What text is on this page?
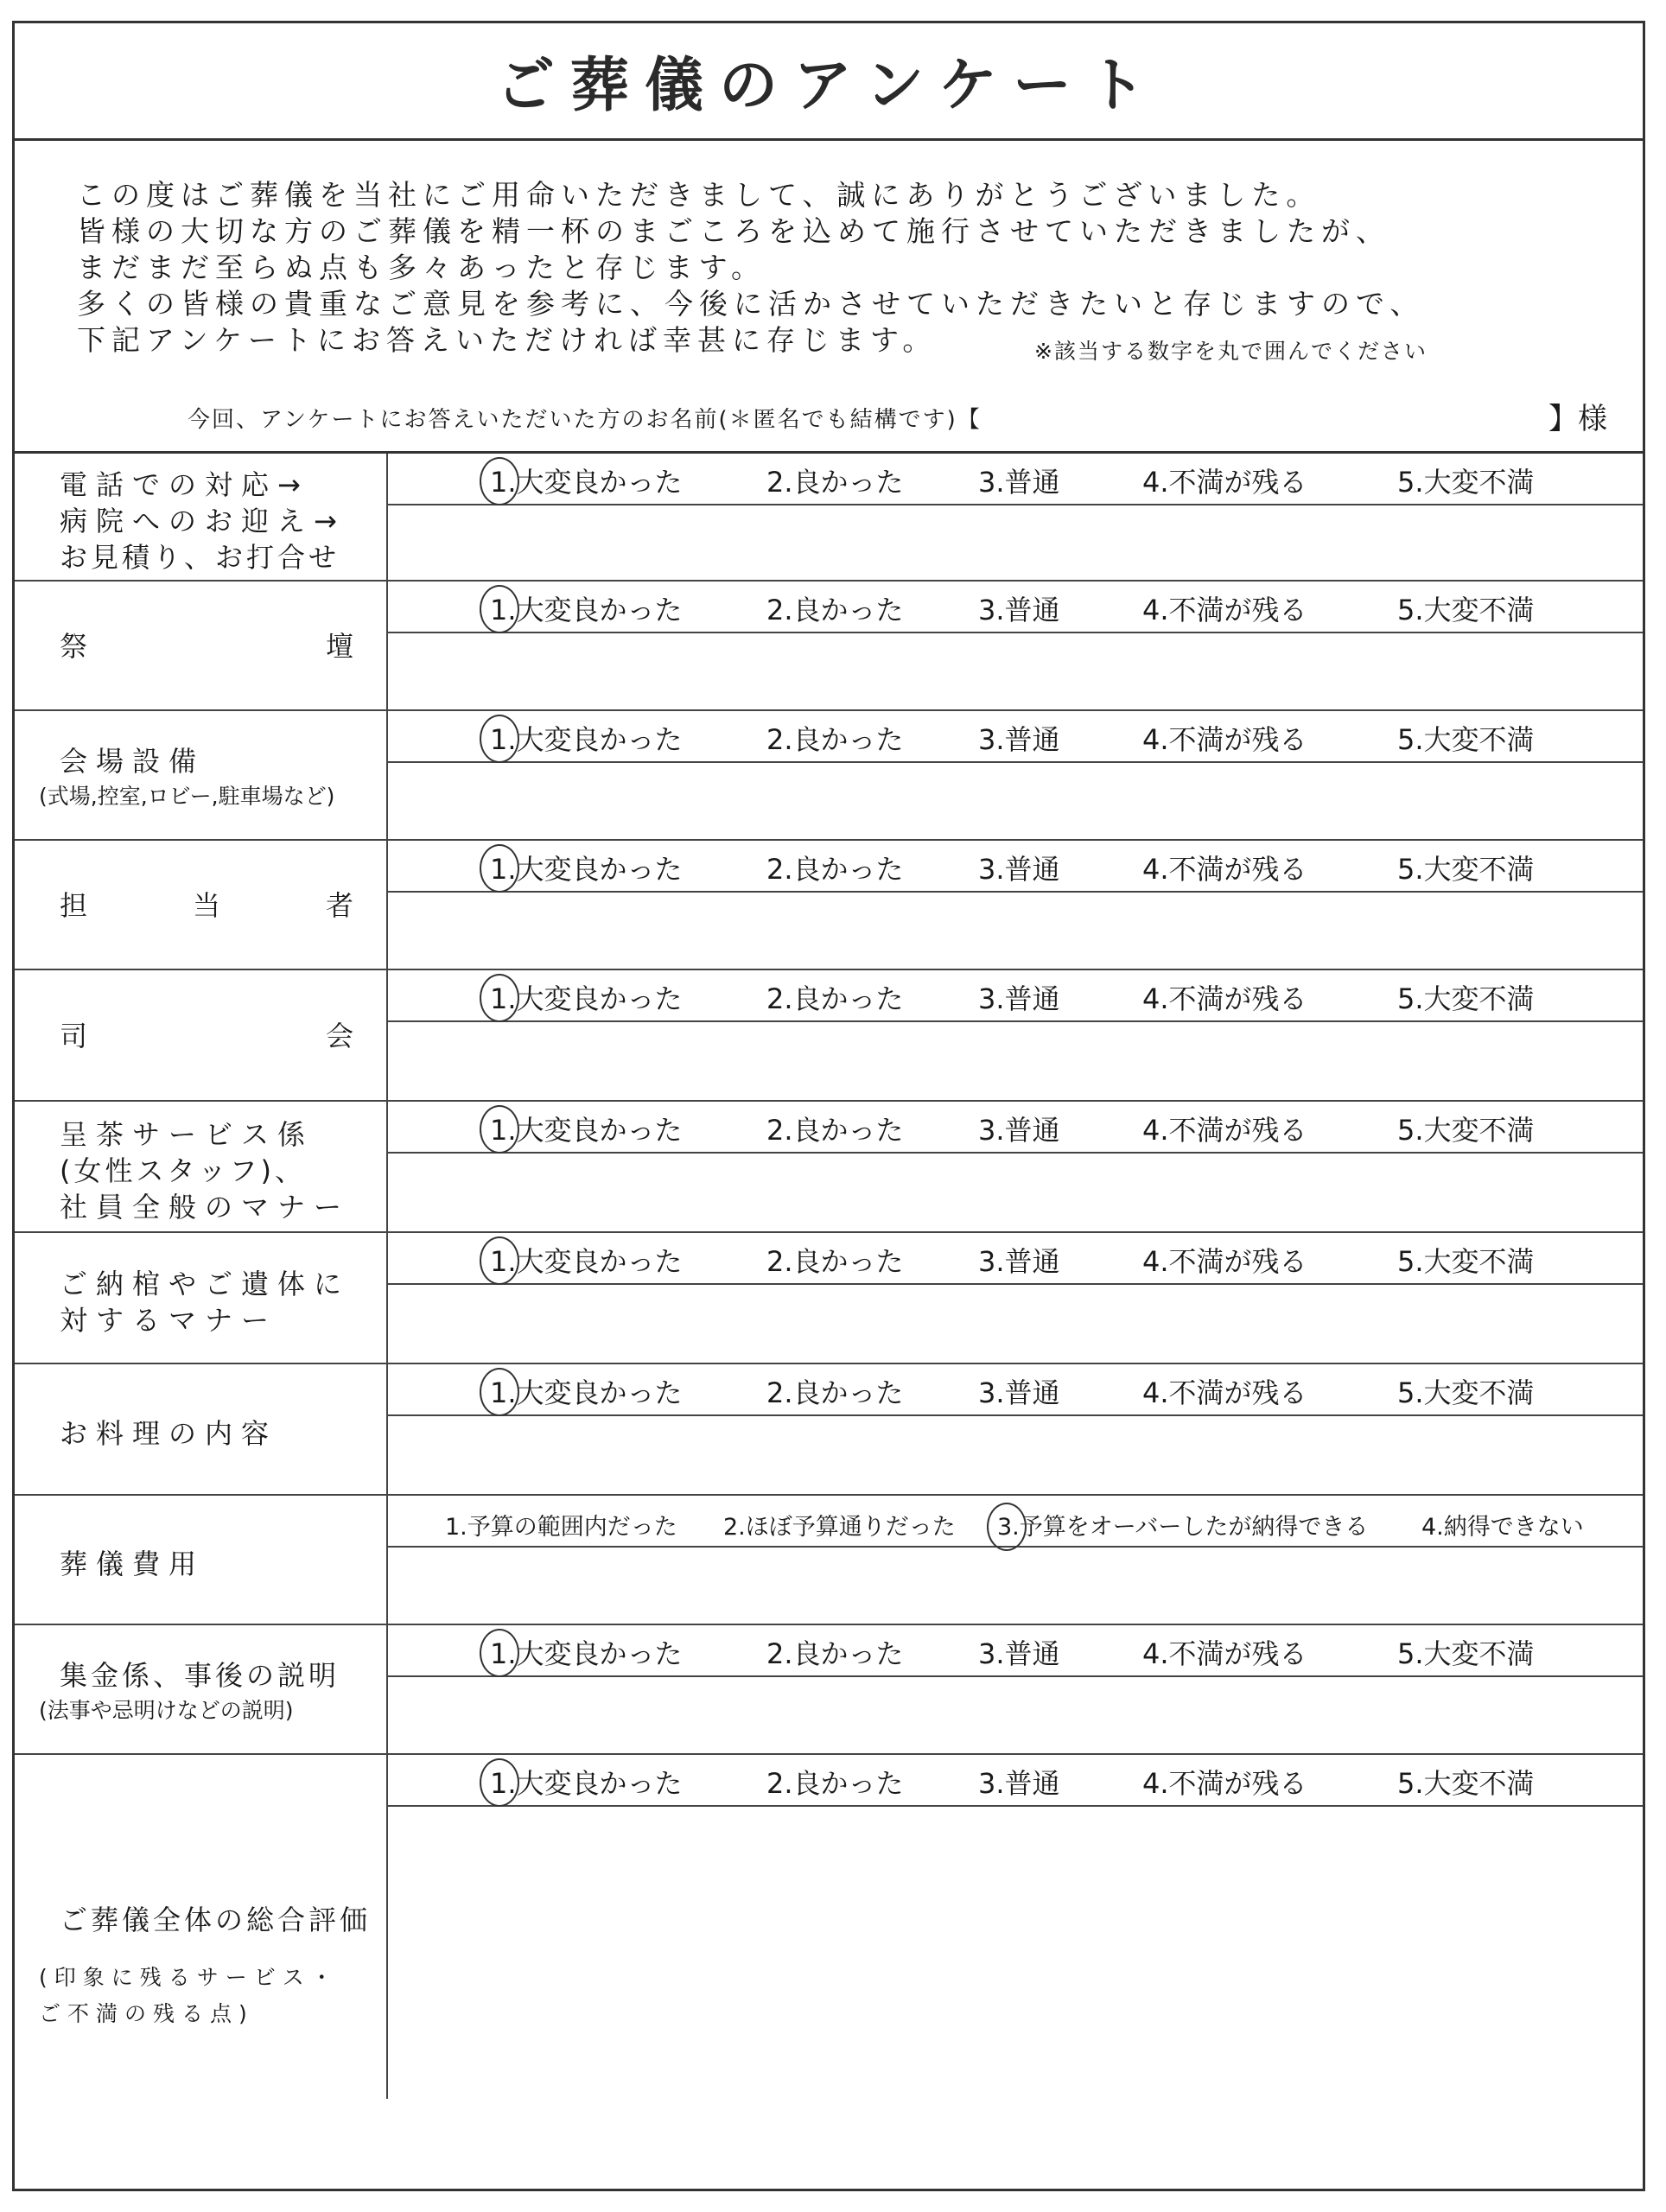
ご葬儀のアンケート
この度はご葬儀を当社にご用命いただきまして、誠にありがとうございました。
皆様の大切な方のご葬儀を精一杯のまごころを込めて施行させていただきましたが、
まだまだ至らぬ点も多々あったと存じます。
多くの皆様の貴重なご意見を参考に、今後に活かさせていただきたいと存じますので、
下記アンケートにお答えいただければ幸甚に存じます。	※該当する数字を丸で囲んでください
今回、アンケートにお答えいただいた方のお名前(＊匿名でも結構です)【	】様
電話での対応→
病院へのお迎え→
お見積り、お打合せ
1.大変良かった	2.良かった	3.普通	4.不満が残る	5.大変不満
祭	壇
1.大変良かった	2.良かった	3.普通	4.不満が残る	5.大変不満
会場設備
(式場,控室,ロビー,駐車場など)
1.大変良かった	2.良かった	3.普通	4.不満が残る	5.大変不満
担	当	者
1.大変良かった	2.良かった	3.普通	4.不満が残る	5.大変不満
司	会
1.大変良かった	2.良かった	3.普通	4.不満が残る	5.大変不満
呈茶サービス係
(女性スタッフ)、
社員全般のマナー
1.大変良かった	2.良かった	3.普通	4.不満が残る	5.大変不満
ご納棺やご遺体に
対するマナー
1.大変良かった	2.良かった	3.普通	4.不満が残る	5.大変不満
お料理の内容
1.大変良かった	2.良かった	3.普通	4.不満が残る	5.大変不満
葬儀費用
1.予算の範囲内だった 2.ほぼ予算通りだった 3.予算をオーバーしたが納得できる 4.納得できない
集金係、事後の説明
(法事や忌明けなどの説明)
1.大変良かった	2.良かった	3.普通	4.不満が残る	5.大変不満
ご葬儀全体の総合評価
(印象に残るサービス・
ご不満の残る点)
1.大変良かった	2.良かった	3.普通	4.不満が残る	5.大変不満
